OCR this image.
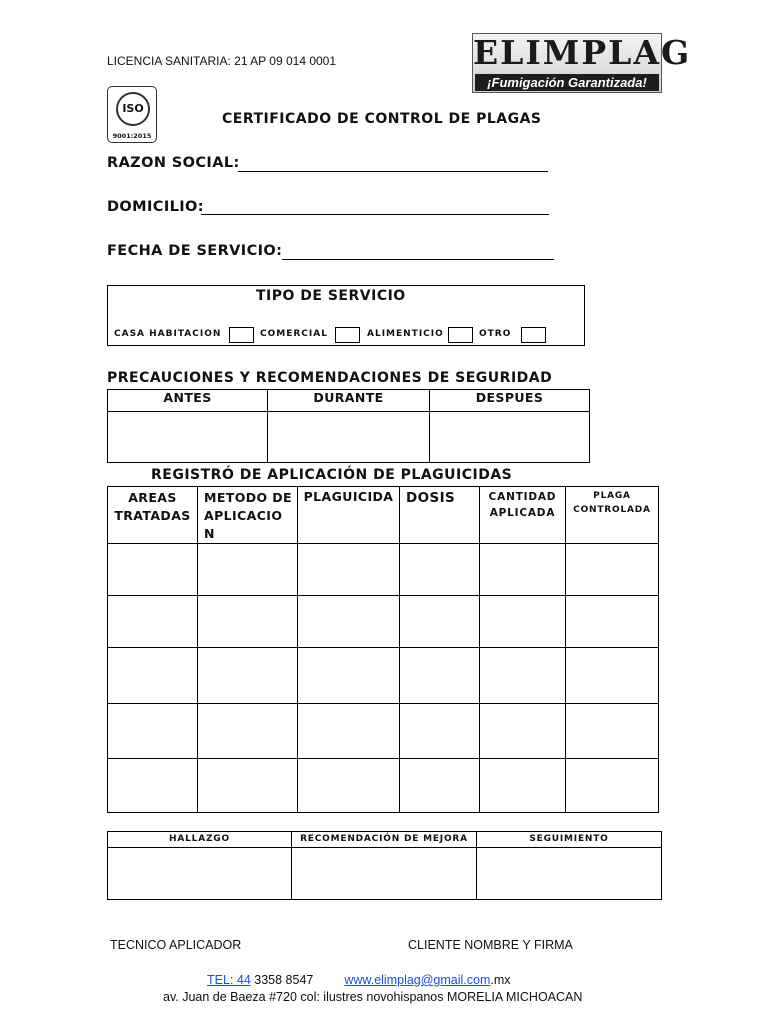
LICENCIA SANITARIA: 21 AP 09 014 0001	ELIMPLAG
¡Fumigación Garantizada!
ISO
9001:2015
CERTIFICADO DE CONTROL DE PLAGAS
RAZON SOCIAL:
DOMICILIO:
FECHA DE SERVICIO:
TIPO DE SERVICIO
CASA HABITACION	COMERCIAL	ALIMENTICIO	OTRO
PRECAUCIONES Y RECOMENDACIONES DE SEGURIDAD
ANTES	DURANTE	DESPUES

REGISTRÓ DE APLICACIÓN DE PLAGUICIDAS
AREAS TRATADAS	METODO DE APLICACIO N	PLAGUICIDA	DOSIS	CANTIDAD APLICADA	PLAGA CONTROLADA

HALLAZGO	RECOMENDACIÓN DE MEJORA	SEGUIMIENTO

TECNICO APLICADOR	CLIENTE NOMBRE Y FIRMA
TEL: 44 3358 8547 www.elimplag@gmail.com.mx
av. Juan de Baeza #720 col: ilustres novohispanos MORELIA MICHOACAN
